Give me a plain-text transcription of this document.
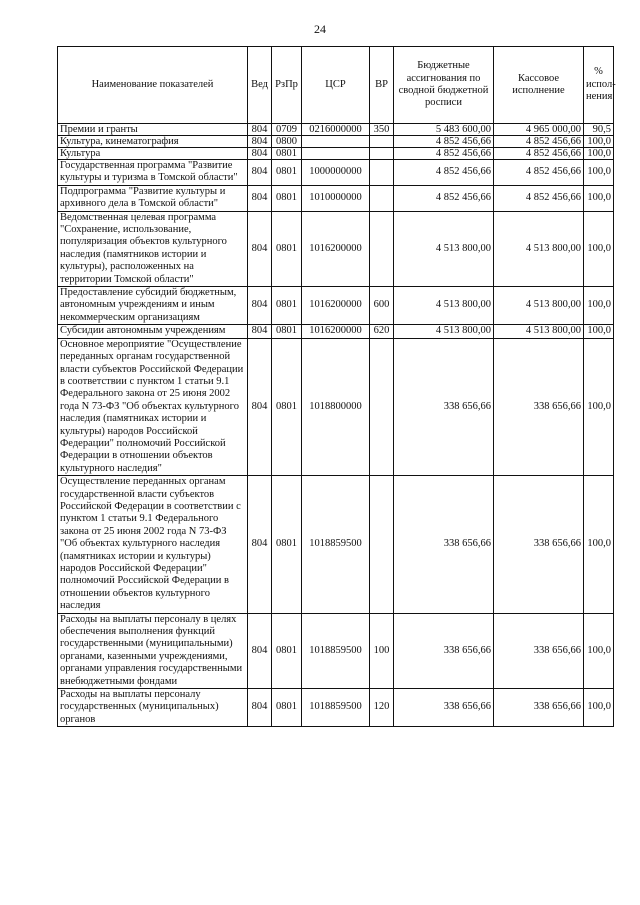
24
Наименование показателей	Вед	РзПр	ЦСР	ВР	Бюджетные ассигнования по сводной бюджетной росписи	Кассовое исполнение	% испол-нения
Премии и гранты	804	0709	0216000000	350	5 483 600,00	4 965 000,00	90,5
Культура, кинематография	804	0800			4 852 456,66	4 852 456,66	100,0
Культура	804	0801			4 852 456,66	4 852 456,66	100,0
Государственная программа "Развитие культуры и туризма в Томской области"	804	0801	1000000000		4 852 456,66	4 852 456,66	100,0
Подпрограмма "Развитие культуры и архивного дела в Томской области"	804	0801	1010000000		4 852 456,66	4 852 456,66	100,0
Ведомственная целевая программа "Сохранение, использование, популяризация объектов культурного наследия (памятников истории и культуры), расположенных на территории Томской области"	804	0801	1016200000		4 513 800,00	4 513 800,00	100,0
Предоставление субсидий бюджетным, автономным учреждениям и иным некоммерческим организациям	804	0801	1016200000	600	4 513 800,00	4 513 800,00	100,0
Субсидии автономным учреждениям	804	0801	1016200000	620	4 513 800,00	4 513 800,00	100,0
Основное мероприятие "Осуществление переданных органам государственной власти субъектов Российской Федерации в соответствии с пунктом 1 статьи 9.1 Федерального закона от 25 июня 2002 года N 73-ФЗ "Об объектах культурного наследия (памятниках истории и культуры) народов Российской Федерации" полномочий Российской Федерации в отношении объектов культурного наследия"	804	0801	1018800000		338 656,66	338 656,66	100,0
Осуществление переданных органам государственной власти субъектов Российской Федерации в соответствии с пунктом 1 статьи 9.1 Федерального закона от 25 июня 2002 года N 73-ФЗ "Об объектах культурного наследия (памятниках истории и культуры) народов Российской Федерации" полномочий Российской Федерации в отношении объектов культурного наследия	804	0801	1018859500		338 656,66	338 656,66	100,0
Расходы на выплаты персоналу в целях обеспечения выполнения функций государственными (муниципальными) органами, казенными учреждениями, органами управления государственными внебюджетными фондами	804	0801	1018859500	100	338 656,66	338 656,66	100,0
Расходы на выплаты персоналу государственных (муниципальных) органов	804	0801	1018859500	120	338 656,66	338 656,66	100,0
